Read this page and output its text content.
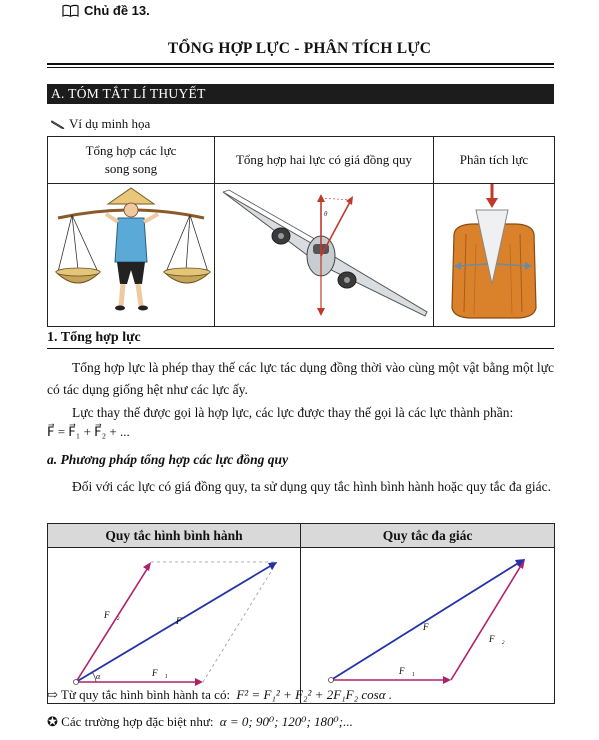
Chủ đề 13.
TỔNG HỢP LỰC - PHÂN TÍCH LỰC
A. TÓM TẮT LÍ THUYẾT
Ví dụ minh họa
Tổng hợp các lực song song	Tổng hợp hai lực có giá đồng quy	Phân tích lực

θ

1. Tổng hợp lực
Tổng hợp lực là phép thay thế các lực tác dụng đồng thời vào cùng một vật bằng một lực có tác dụng giống hệt như các lực ấy.
Lực thay thế được gọi là hợp lực, các lực được thay thế gọi là các lực thành phần:
F⃗ = F⃗₁ + F⃗₂ + ...
a. Phương pháp tổng hợp các lực đồng quy
Đối với các lực có giá đồng quy, ta sử dụng quy tắc hình bình hành hoặc quy tắc đa giác.
Quy tắc hình bình hành	Quy tắc đa giác

F⃗₂
F⃗
F⃗₁
α	F⃗
F⃗₂
F⃗₁
⇨ Từ quy tắc hình bình hành ta có: F² = F₁² + F₂² + 2F₁F₂ cosα .
✪ Các trường hợp đặc biệt như: α = 0; 90⁰; 120⁰; 180⁰;...
